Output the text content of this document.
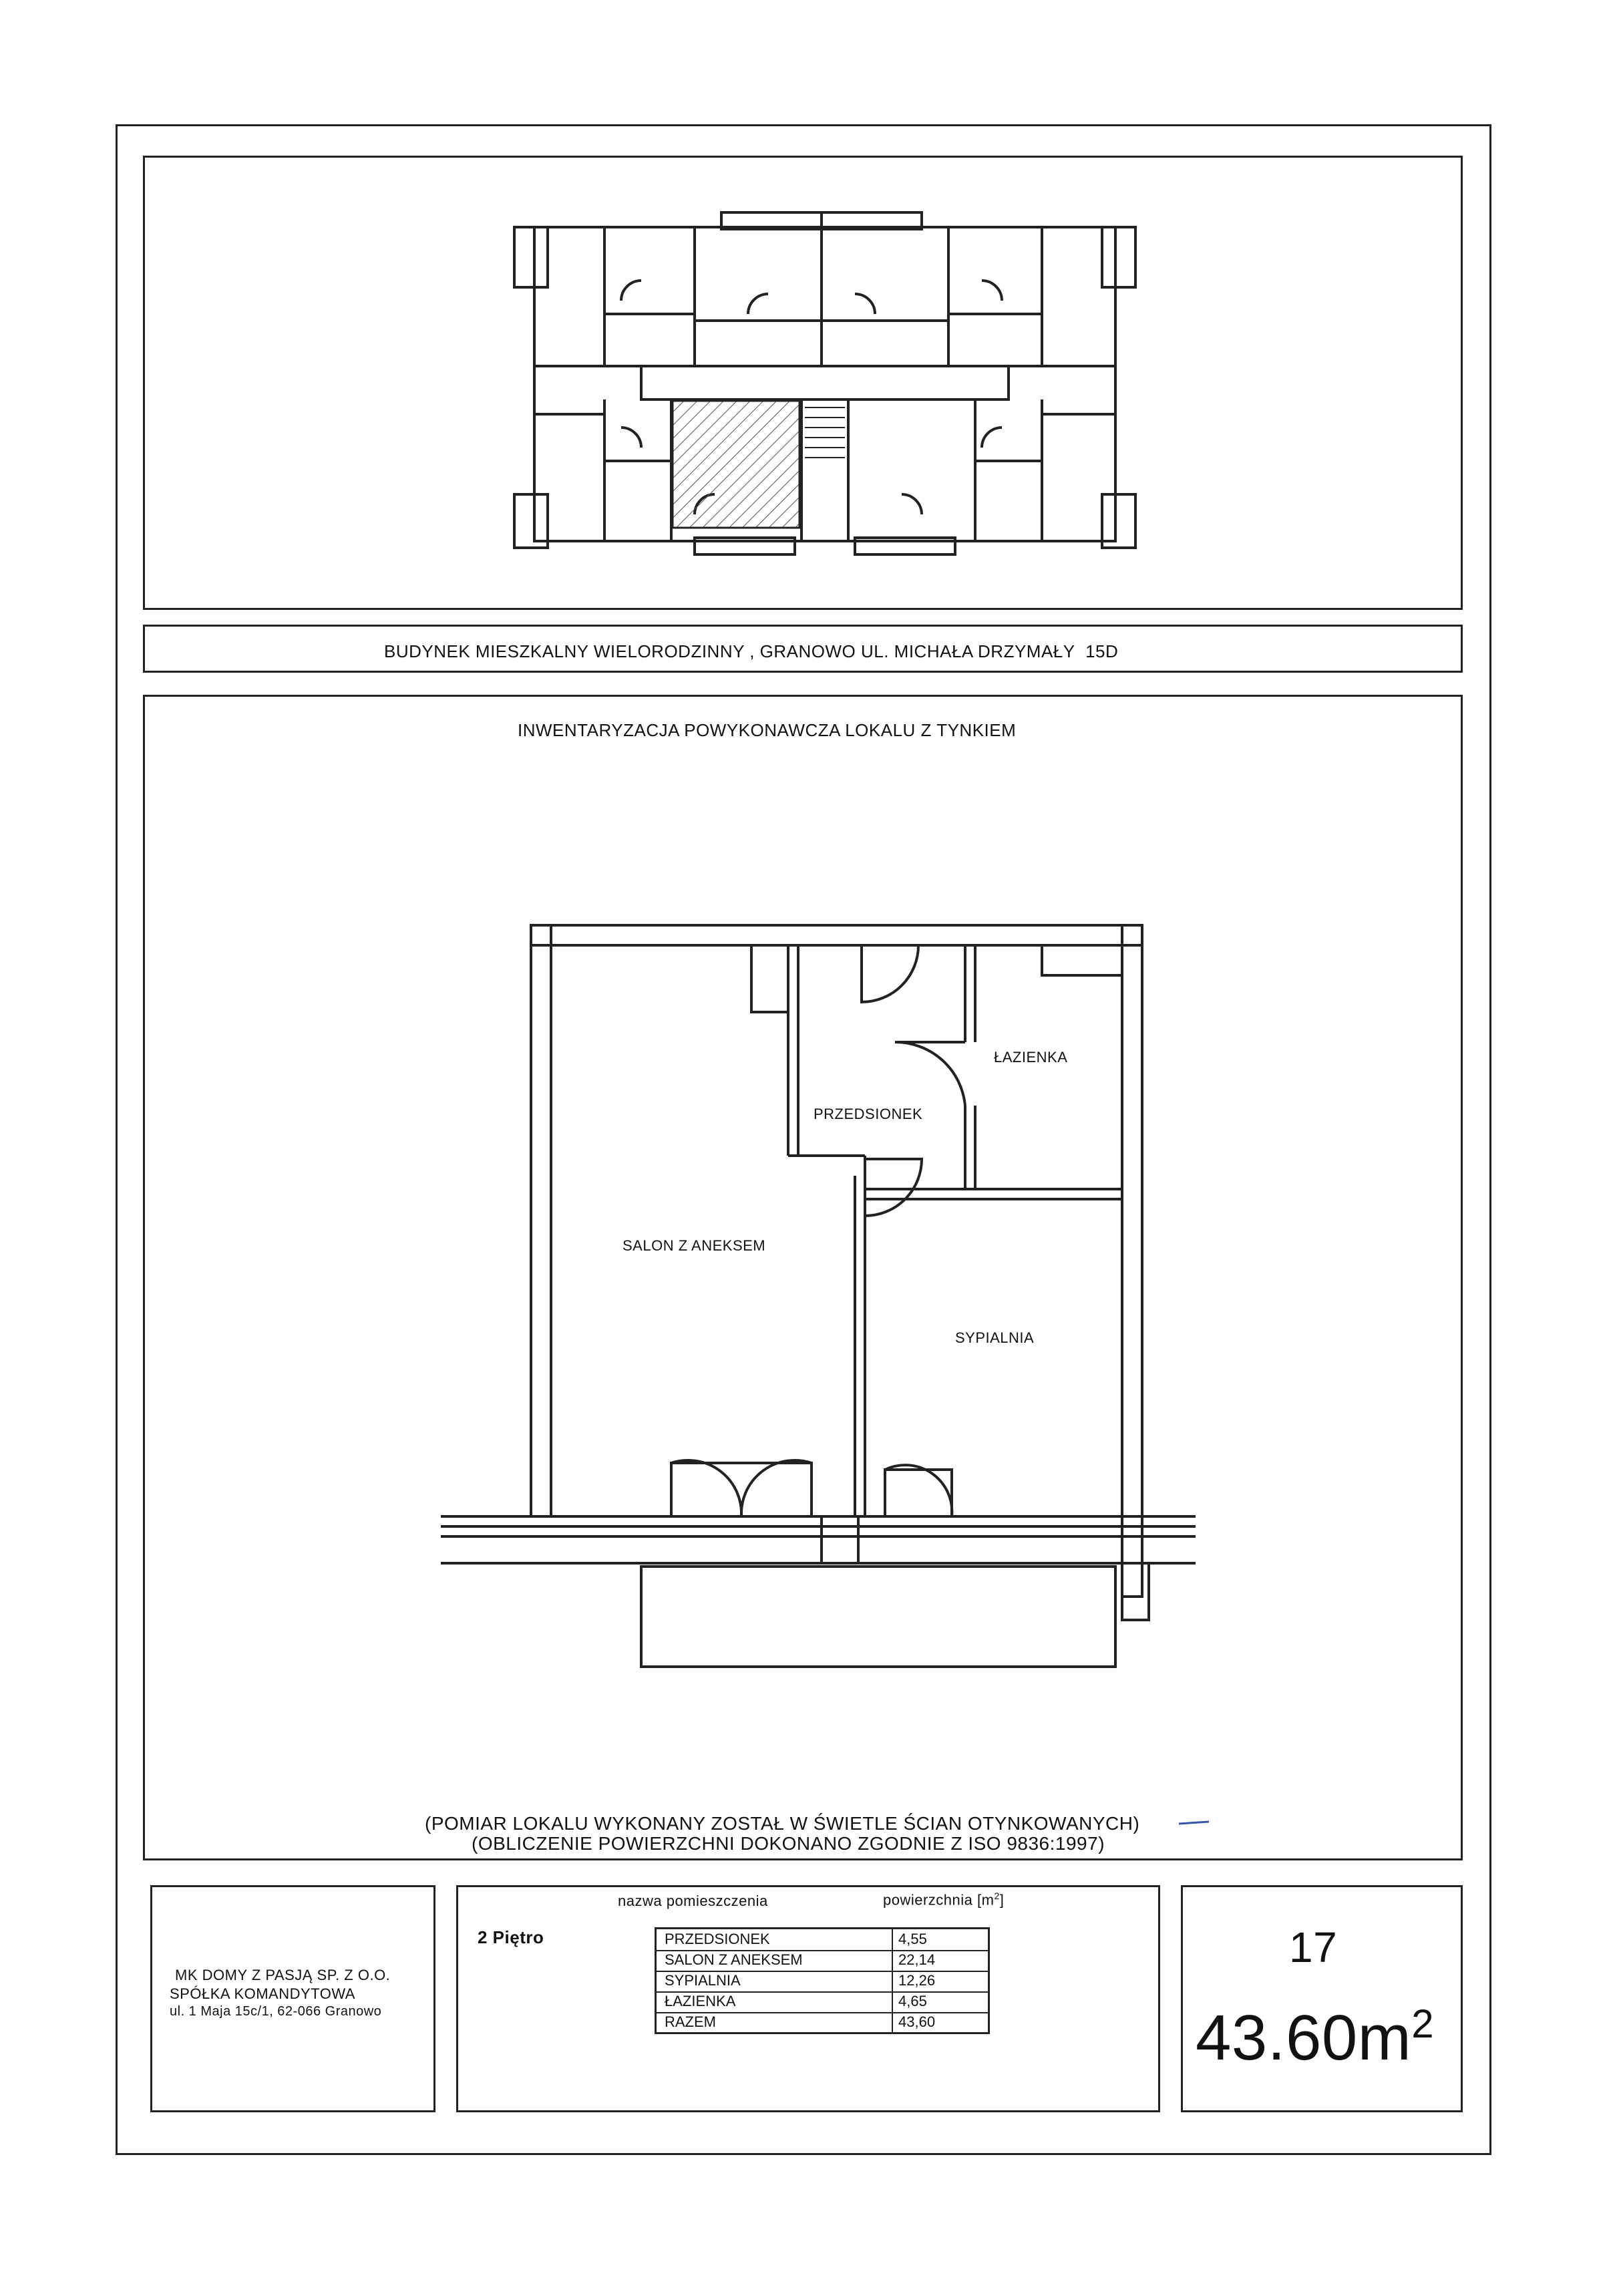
BUDYNEK MIESZKALNY WIELORODZINNY , GRANOWO UL. MICHAŁA DRZYMAŁY 15D
INWENTARYZACJA POWYKONAWCZA LOKALU Z TYNKIEM
ŁAZIENKA
PRZEDSIONEK
SALON Z ANEKSEM
SYPIALNIA
(POMIAR LOKALU WYKONANY ZOSTAŁ W ŚWIETLE ŚCIAN OTYNKOWANYCH)
(OBLICZENIE POWIERZCHNI DOKONANO ZGODNIE Z ISO 9836:1997)
MK DOMY Z PASJĄ SP. Z O.O.
SPÓŁKA KOMANDYTOWA
ul. 1 Maja 15c/1, 62-066 Granowo
2 Piętro
nazwa pomieszczenia	powierzchnia $[m^2]$
PRZEDSIONEK	4,55
SALON Z ANEKSEM	22,14
SYPIALNIA	12,26
ŁAZIENKA	4,65
RAZEM	43,60
17
$43.60m^2$
